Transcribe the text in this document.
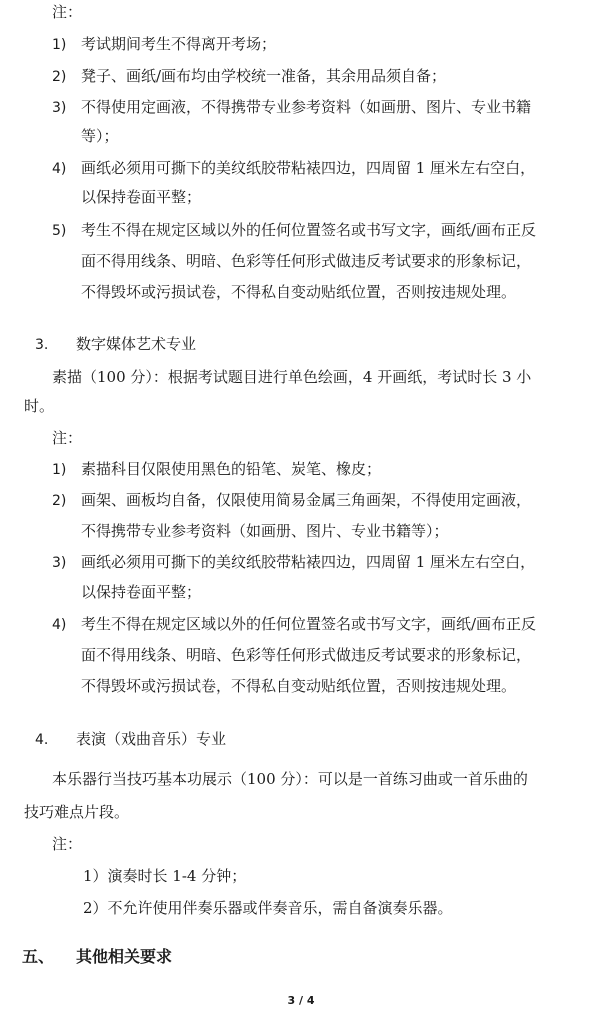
注：
1) 考试期间考生不得离开考场；
2) 凳子、画纸/画布均由学校统一准备，其余用品须自备；
3) 不得使用定画液，不得携带专业参考资料（如画册、图片、专业书籍
等）；
4) 画纸必须用可撕下的美纹纸胶带粘裱四边，四周留 1 厘米左右空白，
以保持卷面平整；
5) 考生不得在规定区域以外的任何位置签名或书写文字，画纸/画布正反
面不得用线条、明暗、色彩等任何形式做违反考试要求的形象标记，
不得毁坏或污损试卷，不得私自变动贴纸位置，否则按违规处理。
3. 数字媒体艺术专业
素描（100 分）：根据考试题目进行单色绘画，4 开画纸，考试时长 3 小
时。
注：
1) 素描科目仅限使用黑色的铅笔、炭笔、橡皮；
2) 画架、画板均自备，仅限使用简易金属三角画架，不得使用定画液，
不得携带专业参考资料（如画册、图片、专业书籍等）；
3) 画纸必须用可撕下的美纹纸胶带粘裱四边，四周留 1 厘米左右空白，
以保持卷面平整；
4) 考生不得在规定区域以外的任何位置签名或书写文字，画纸/画布正反
面不得用线条、明暗、色彩等任何形式做违反考试要求的形象标记，
不得毁坏或污损试卷，不得私自变动贴纸位置，否则按违规处理。
4. 表演（戏曲音乐）专业
本乐器行当技巧基本功展示（100 分）：可以是一首练习曲或一首乐曲的
技巧难点片段。
注：
1）演奏时长 1-4 分钟；
2）不允许使用伴奏乐器或伴奏音乐，需自备演奏乐器。
五、 其他相关要求
3 / 4
